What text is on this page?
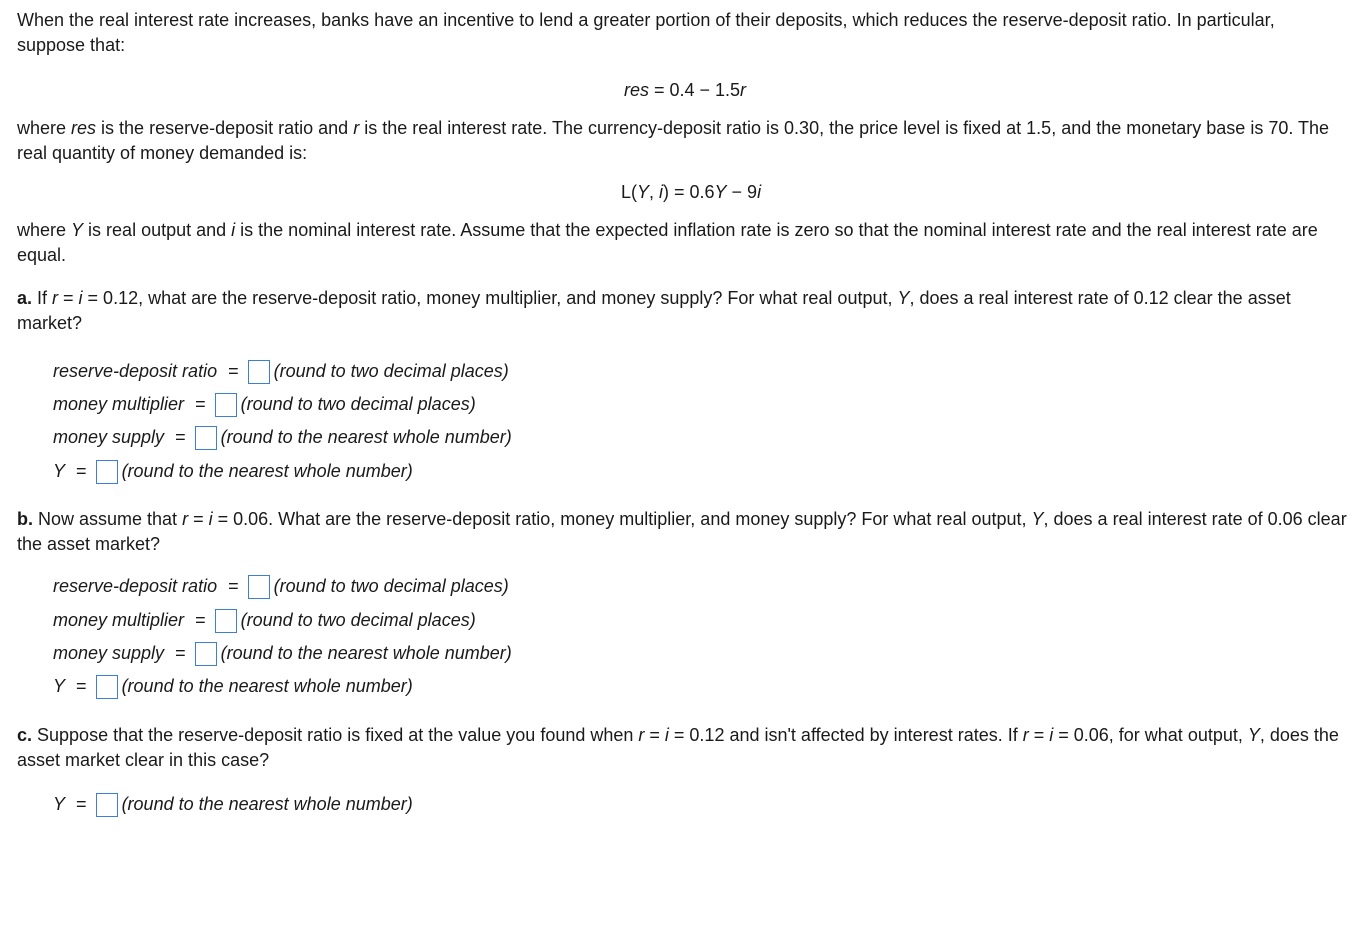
When the real interest rate increases, banks have an incentive to lend a greater portion of their deposits, which reduces the reserve-deposit ratio. In particular, suppose that:

res = 0.4 − 1.5r

where res is the reserve-deposit ratio and r is the real interest rate. The currency-deposit ratio is 0.30, the price level is fixed at 1.5, and the monetary base is 70. The real quantity of money demanded is:

L(Y, i) = 0.6Y − 9i

where Y is real output and i is the nominal interest rate. Assume that the expected inflation rate is zero so that the nominal interest rate and the real interest rate are equal.

a. If r = i = 0.12, what are the reserve-deposit ratio, money multiplier, and money supply? For what real output, Y, does a real interest rate of 0.12 clear the asset market?

reserve-deposit ratio = (round to two decimal places)
money multiplier = (round to two decimal places)
money supply = (round to the nearest whole number)
Y = (round to the nearest whole number)

b. Now assume that r = i = 0.06. What are the reserve-deposit ratio, money multiplier, and money supply? For what real output, Y, does a real interest rate of 0.06 clear the asset market?

reserve-deposit ratio = (round to two decimal places)
money multiplier = (round to two decimal places)
money supply = (round to the nearest whole number)
Y = (round to the nearest whole number)

c. Suppose that the reserve-deposit ratio is fixed at the value you found when r = i = 0.12 and isn't affected by interest rates. If r = i = 0.06, for what output, Y, does the asset market clear in this case?

Y = (round to the nearest whole number)
